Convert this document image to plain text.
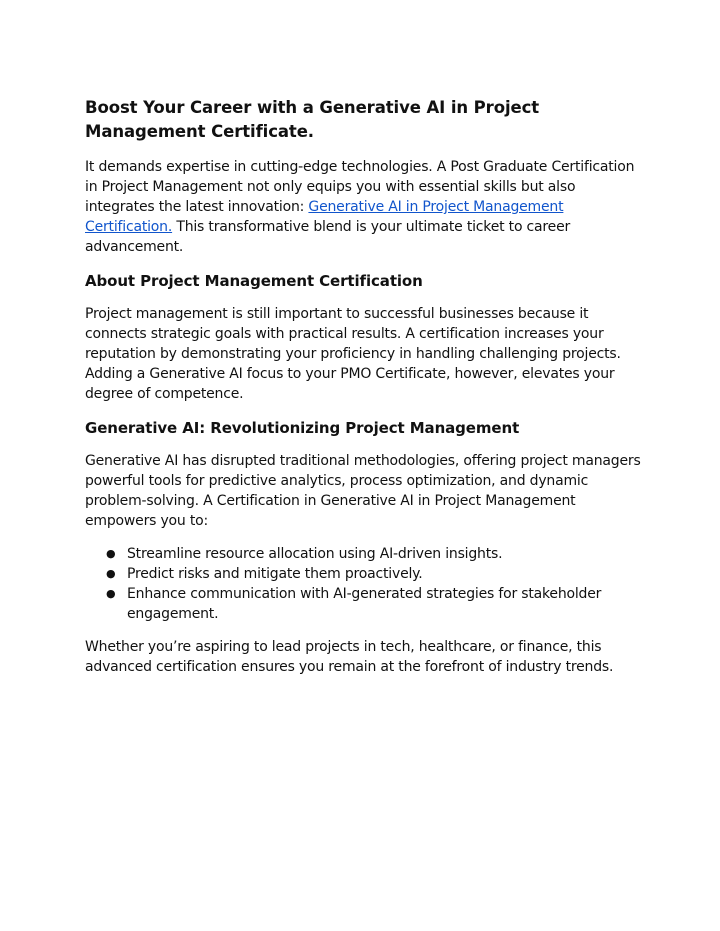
Boost Your Career with a Generative AI in Project Management Certificate.

It demands expertise in cutting-edge technologies. A Post Graduate Certification in Project Management not only equips you with essential skills but also integrates the latest innovation: Generative AI in Project Management Certification. This transformative blend is your ultimate ticket to career advancement.

About Project Management Certification

Project management is still important to successful businesses because it connects strategic goals with practical results. A certification increases your reputation by demonstrating your proficiency in handling challenging projects. Adding a Generative AI focus to your PMO Certificate, however, elevates your degree of competence.

Generative AI: Revolutionizing Project Management

Generative AI has disrupted traditional methodologies, offering project managers powerful tools for predictive analytics, process optimization, and dynamic problem-solving. A Certification in Generative AI in Project Management empowers you to:

● Streamline resource allocation using AI-driven insights.
● Predict risks and mitigate them proactively.
● Enhance communication with AI-generated strategies for stakeholder engagement.

Whether you’re aspiring to lead projects in tech, healthcare, or finance, this advanced certification ensures you remain at the forefront of industry trends.
